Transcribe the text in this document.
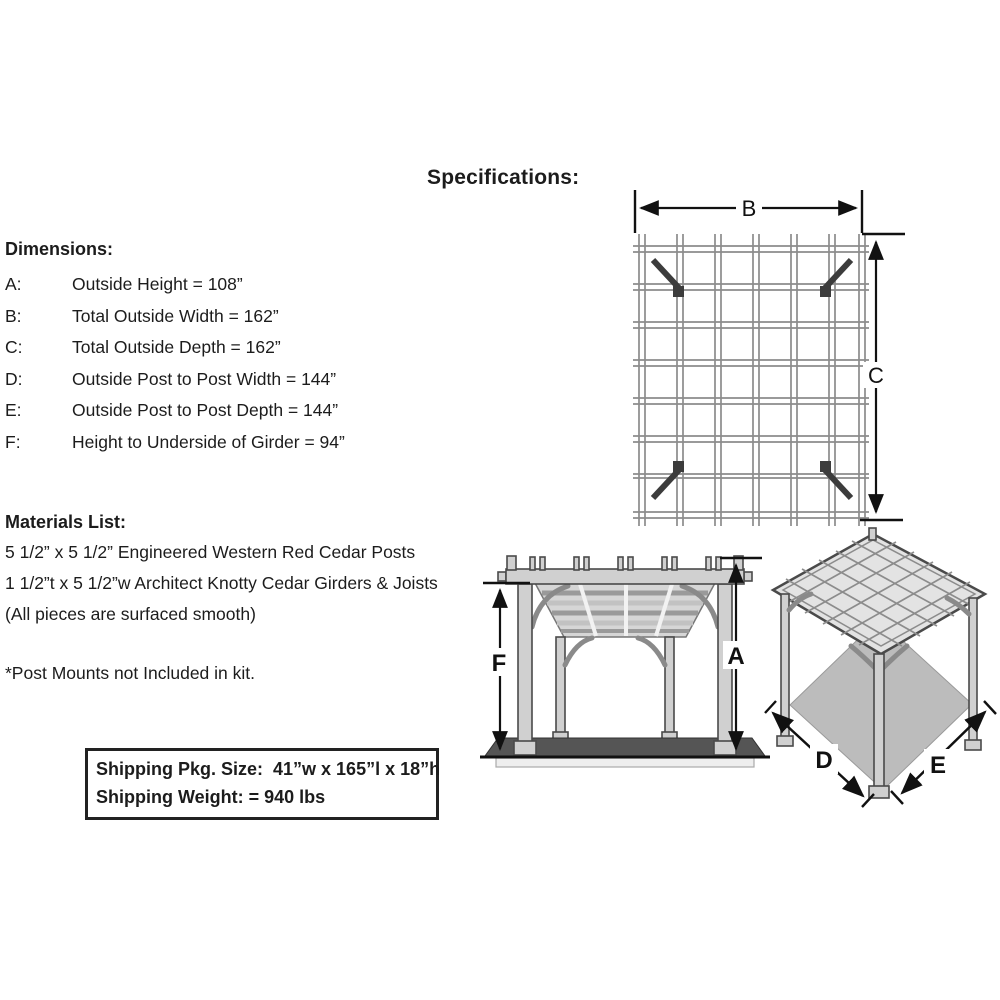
Specifications:
Dimensions:
A:	Outside Height = 108”
B:	Total Outside Width = 162”
C:	Total Outside Depth = 162”
D:	Outside Post to Post Width = 144”
E:	Outside Post to Post Depth = 144”
F:	Height to Underside of Girder = 94”
Materials List:
5 1/2” x 5 1/2” Engineered Western Red Cedar Posts
1 1/2”t x 5 1/2”w Architect Knotty Cedar Girders & Joists
(All pieces are surfaced smooth)
*Post Mounts not Included in kit.
Shipping Pkg. Size:  41”w x 165”l x 18”h
Shipping Weight: = 940 lbs
B
C
F	A
D	E
